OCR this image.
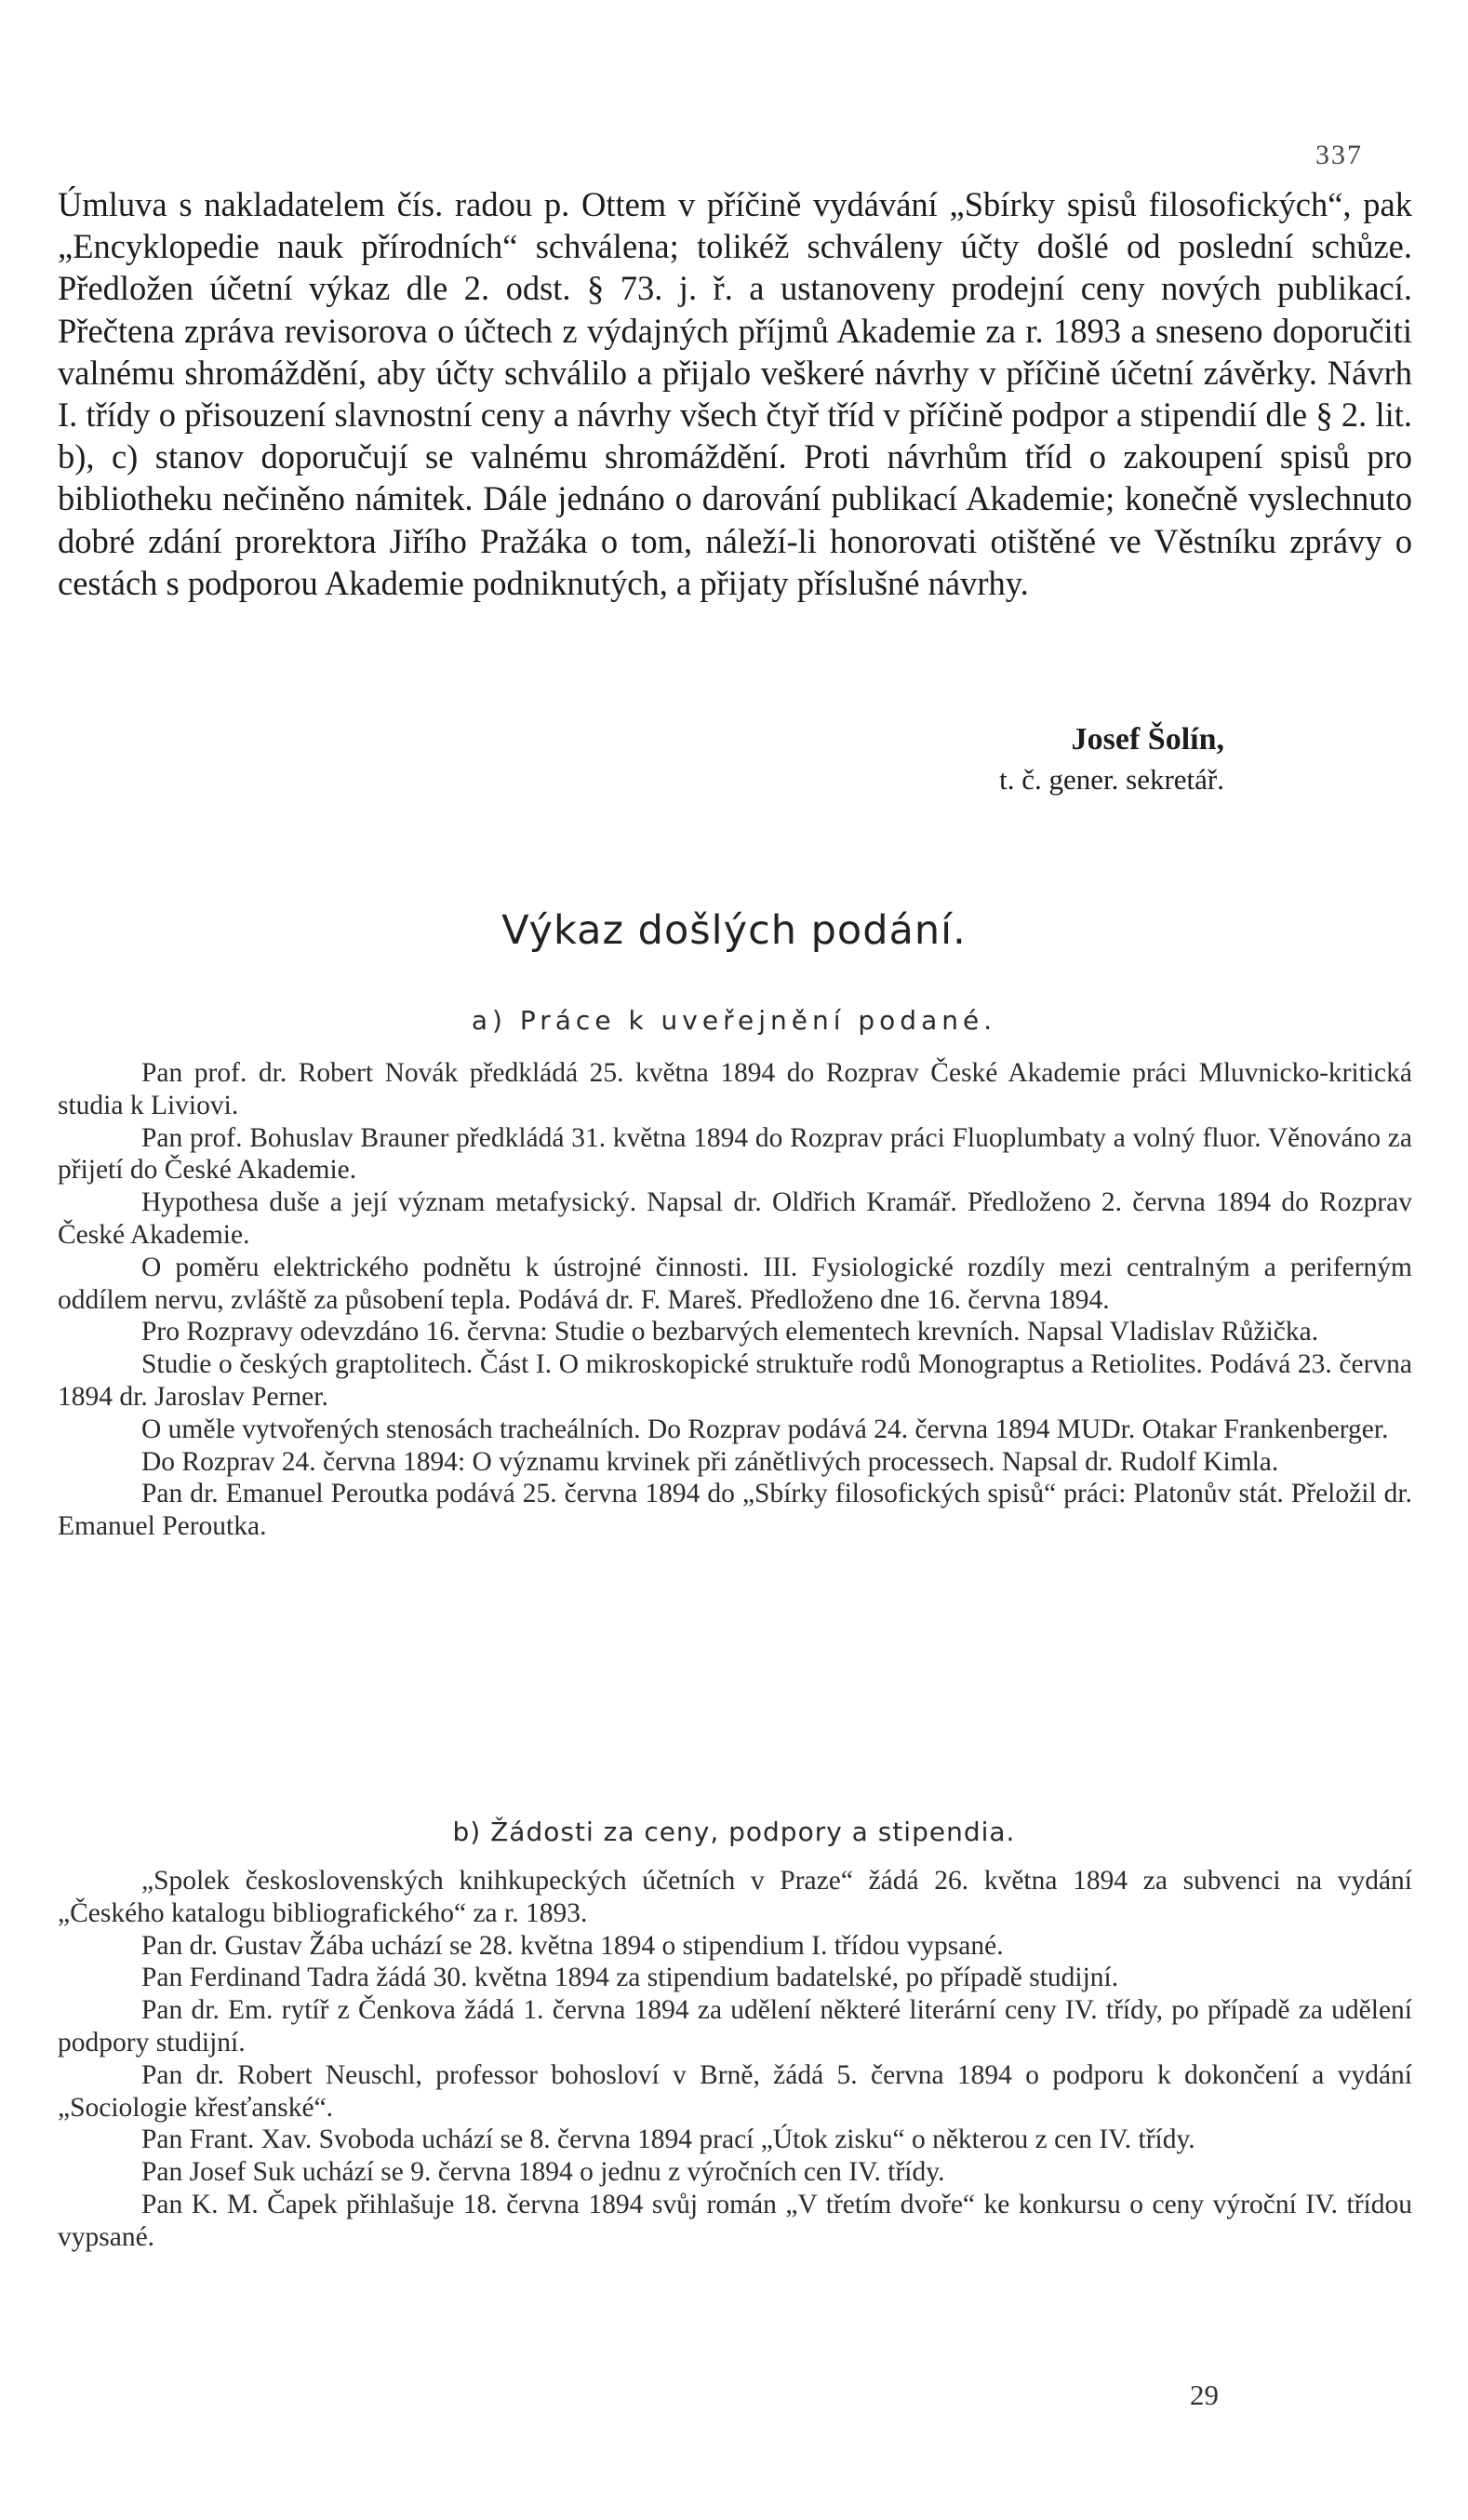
337

Úmluva s nakladatelem čís. radou p. Ottem v příčině vydávání „Sbírky spisů filosofických“, pak „Encyklopedie nauk přírodních“ schválena; tolikéž schváleny účty došlé od poslední schůze. Předložen účetní výkaz dle 2. odst. § 73. j. ř. a ustanoveny prodejní ceny nových publikací. Přečtena zpráva revisorova o účtech z výdajných příjmů Akademie za r. 1893 a sneseno doporučiti valnému shromáždění, aby účty schválilo a přijalo veškeré návrhy v příčině účetní závěrky. Návrh I. třídy o přisouzení slavnostní ceny a návrhy všech čtyř tříd v příčině podpor a stipendií dle § 2. lit. b), c) stanov doporučují se valnému shromáždění. Proti návrhům tříd o zakoupení spisů pro bibliotheku nečiněno námitek. Dále jednáno o darování publikací Akademie; konečně vyslechnuto dobré zdání prorektora Jiřího Pražáka o tom, náleží-li honorovati otištěné ve Věstníku zprávy o cestách s podporou Akademie podniknutých, a přijaty příslušné návrhy.

Josef Šolín,
t. č. gener. sekretář.
Výkaz došlých podání.
a) Práce k uveřejnění podané.

Pan prof. dr. Robert Novák předkládá 25. května 1894 do Rozprav České Akademie práci Mluvnicko-kritická studia k Liviovi.

Pan prof. Bohuslav Brauner předkládá 31. května 1894 do Rozprav práci Fluoplumbaty a volný fluor. Věnováno za přijetí do České Akademie.

Hypothesa duše a její význam metafysický. Napsal dr. Oldřich Kramář. Předloženo 2. června 1894 do Rozprav České Akademie.

O poměru elektrického podnětu k ústrojné činnosti. III. Fysiologické rozdíly mezi centralným a periferným oddílem nervu, zvláště za působení tepla. Podává dr. F. Mareš. Předloženo dne 16. června 1894.

Pro Rozpravy odevzdáno 16. června: Studie o bezbarvých elementech krevních. Napsal Vladislav Růžička.

Studie o českých graptolitech. Část I. O mikroskopické struktuře rodů Monograptus a Retiolites. Podává 23. června 1894 dr. Jaroslav Perner.

O uměle vytvořených stenosách tracheálních. Do Rozprav podává 24. června 1894 MUDr. Otakar Frankenberger.

Do Rozprav 24. června 1894: O významu krvinek při zánětlivých processech. Napsal dr. Rudolf Kimla.

Pan dr. Emanuel Peroutka podává 25. června 1894 do „Sbírky filosofických spisů“ práci: Platonův stát. Přeložil dr. Emanuel Peroutka.

b) Žádosti za ceny, podpory a stipendia.

„Spolek československých knihkupeckých účetních v Praze“ žádá 26. května 1894 za subvenci na vydání „Českého katalogu bibliografického“ za r. 1893.

Pan dr. Gustav Žába uchází se 28. května 1894 o stipendium I. třídou vypsané.

Pan Ferdinand Tadra žádá 30. května 1894 za stipendium badatelské, po případě studijní.

Pan dr. Em. rytíř z Čenkova žádá 1. června 1894 za udělení některé literární ceny IV. třídy, po případě za udělení podpory studijní.

Pan dr. Robert Neuschl, professor bohosloví v Brně, žádá 5. června 1894 o podporu k dokončení a vydání „Sociologie křesťanské“.

Pan Frant. Xav. Svoboda uchází se 8. června 1894 prací „Útok zisku“ o některou z cen IV. třídy.

Pan Josef Suk uchází se 9. června 1894 o jednu z výročních cen IV. třídy.

Pan K. M. Čapek přihlašuje 18. června 1894 svůj román „V třetím dvoře“ ke konkursu o ceny výroční IV. třídou vypsané.

29
